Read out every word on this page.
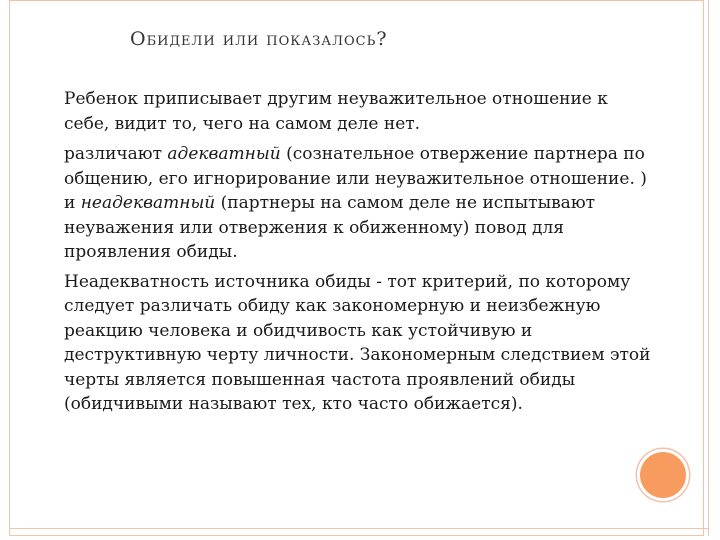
Обидели или показалось?

Ребенок приписывает другим неуважительное отношение к себе, видит то, чего на самом деле нет.

различают адекватный (сознательное отвержение партнера по общению, его игнорирование или неуважительное отношение. ) и неадекватный (партнеры на самом деле не испытывают неуважения или отвержения к обиженному) повод для проявления обиды.

Неадекватность источника обиды - тот критерий, по которому следует различать обиду как закономерную и неизбежную реакцию человека и обидчивость как устойчивую и деструктивную черту личности. Закономерным следствием этой черты является повышенная частота проявлений обиды (обидчивыми называют тех, кто часто обижается).
